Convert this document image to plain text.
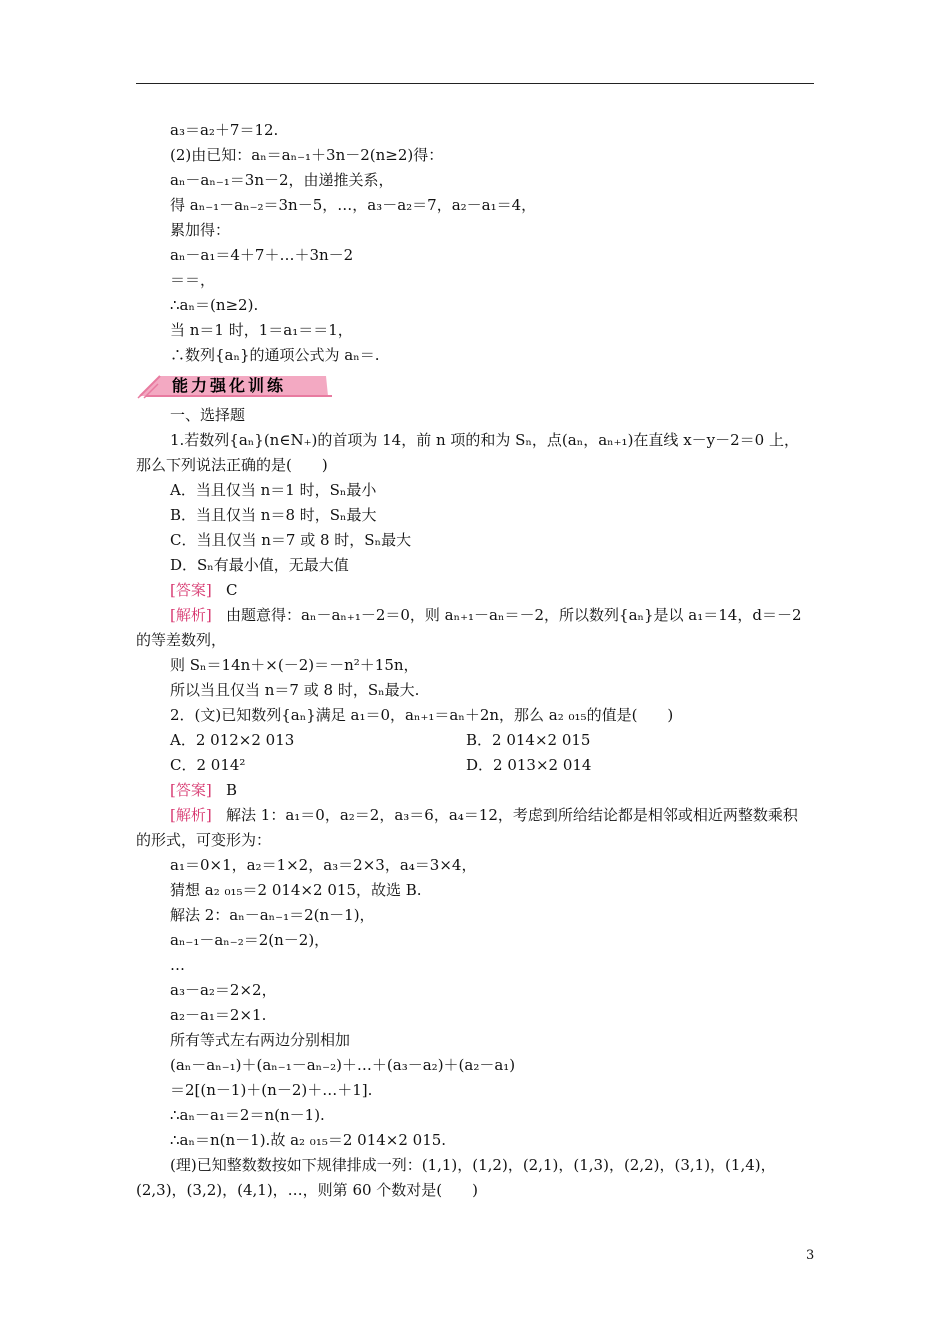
a₃＝a₂＋7＝12.
(2)由已知：aₙ＝aₙ₋₁＋3n－2(n≥2)得：
aₙ－aₙ₋₁＝3n－2，由递推关系，
得 aₙ₋₁－aₙ₋₂＝3n－5，…，a₃－a₂＝7，a₂－a₁＝4，
累加得：
aₙ－a₁＝4＋7＋…＋3n－2
＝＝，
∴aₙ＝(n≥2).
当 n＝1 时，1＝a₁＝＝1，
∴数列{aₙ}的通项公式为 aₙ＝.
能力强化训练
一、选择题
1.若数列{aₙ}(n∈N₊)的首项为 14，前 n 项的和为 Sₙ，点(aₙ，aₙ₊₁)在直线 x－y－2＝0 上，
那么下列说法正确的是(　　)
A．当且仅当 n＝1 时，Sₙ最小
B．当且仅当 n＝8 时，Sₙ最大
C．当且仅当 n＝7 或 8 时，Sₙ最大
D．Sₙ有最小值，无最大值
[答案] C
[解析] 由题意得：aₙ－aₙ₊₁－2＝0，则 aₙ₊₁－aₙ＝－2，所以数列{aₙ}是以 a₁＝14，d＝－2
的等差数列，
则 Sₙ＝14n＋×(－2)＝－n²＋15n，
所以当且仅当 n＝7 或 8 时，Sₙ最大.
2．(文)已知数列{aₙ}满足 a₁＝0，aₙ₊₁＝aₙ＋2n，那么 a₂ ₀₁₅的值是(　　)
A．2 012×2 013	B．2 014×2 015
C．2 014²	D．2 013×2 014
[答案] B
[解析] 解法 1：a₁＝0，a₂＝2，a₃＝6，a₄＝12，考虑到所给结论都是相邻或相近两整数乘积
的形式，可变形为：
a₁＝0×1，a₂＝1×2，a₃＝2×3，a₄＝3×4，
猜想 a₂ ₀₁₅＝2 014×2 015，故选 B.
解法 2：aₙ－aₙ₋₁＝2(n－1)，
aₙ₋₁－aₙ₋₂＝2(n－2)，
…
a₃－a₂＝2×2，
a₂－a₁＝2×1.
所有等式左右两边分别相加
(aₙ－aₙ₋₁)＋(aₙ₋₁－aₙ₋₂)＋…＋(a₃－a₂)＋(a₂－a₁)
＝2[(n－1)＋(n－2)＋…＋1].
∴aₙ－a₁＝2＝n(n－1).
∴aₙ＝n(n－1).故 a₂ ₀₁₅＝2 014×2 015.
(理)已知整数数按如下规律排成一列：(1,1)，(1,2)，(2,1)，(1,3)，(2,2)，(3,1)，(1,4)，
(2,3)，(3,2)，(4,1)，…，则第 60 个数对是(　　)
3
